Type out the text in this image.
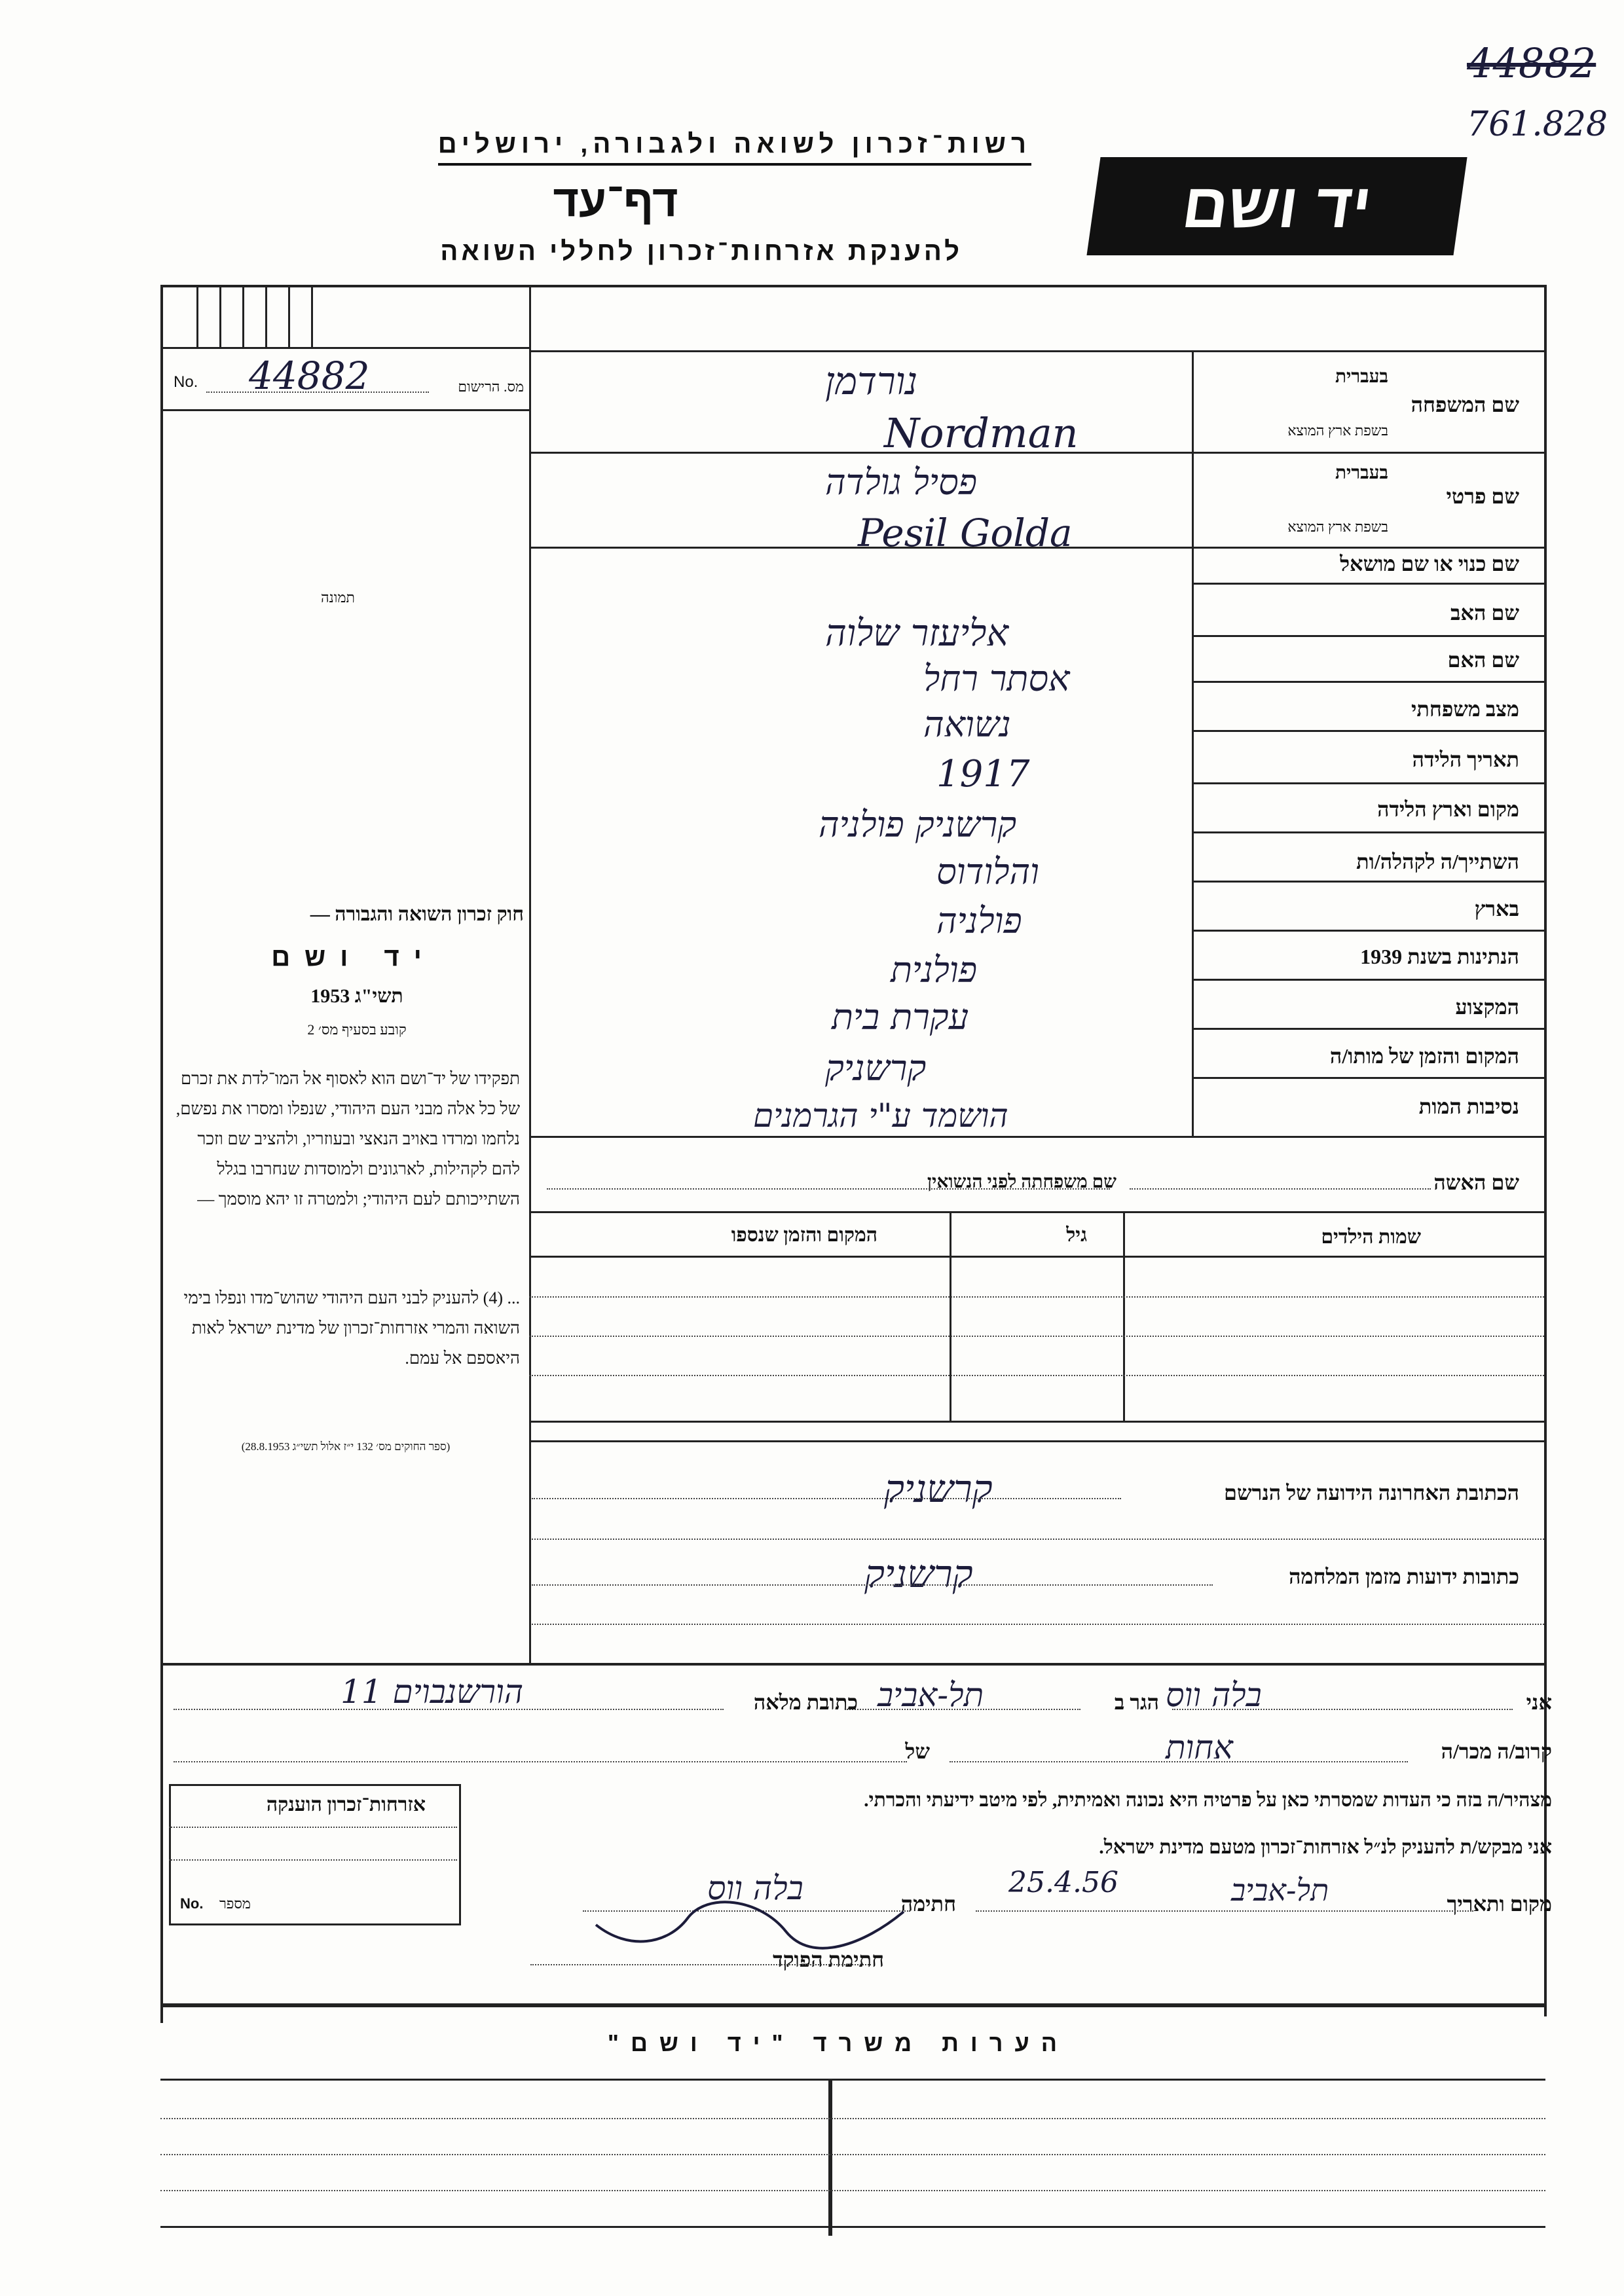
44882
761.828
רשות־זכרון לשואה ולגבורה, ירושלים
דף־עד
להענקת אזרחות־זכרון לחללי השואה
יד ושם
No. 44882	מס. הרישום
תמונה
חוק זכרון השואה והגבורה —
יד ושם
תשי"ג 1953
קובע בסעיף מס׳ 2
תפקידו של יד־ושם הוא לאסוף אל המו־לדת את זכרם של כל אלה מבני העם היהודי, שנפלו ומסרו את נפשם, נלחמו ומרדו באויב הנאצי ובעוזריו, ולהציב שם וזכר להם לקהילות, לארגונים ולמוסדות שנחרבו בגלל השתייכותם לעם היהודי; ולמטרה זו יהא מוסמך —
... (4) להעניק לבני העם היהודי שהוש־מדו ונפלו בימי השואה והמרי אזרחות־זכרון של מדינת ישראל לאות היאספם אל עמם.
(ספר החוקים מס׳ 132 י״ז אלול תשי״ג 28.8.1953)
שם המשפחה
בעברית
בשפת ארץ המוצא
נורדמן
Nordman
שם פרטי
בעברית
בשפת ארץ המוצא
פסיל גולדה
Pesil Golda
שם כנוי או שם מושאל
שם האב
אליעזר שלוה
שם האם
אסתר רחל
מצב משפחתי
נשואה
תאריך הלידה
1917
מקום וארץ הלידה
קרשניק פולניה
השתייך/ה לקהלה/ות
והלודוס
בארץ
פולניה
הנתינות בשנת 1939
פולנית
המקצוע
עקרת בית
המקום והזמן של מותו/ה
קרשניק
נסיבות המות
הושמד ע"י הגרמנים
שם האשה
שם משפחתה לפני הנשואין
שמות הילדים
גיל
המקום והזמן שנספו
הכתובת האחרונה הידועה של הנרשם
קרשניק
כתובות ידועות מזמן המלחמה
קרשניק
אני
בלה ווס
הגר ב
תל-אביב
כתובת מלאה
הורשנבוים 11
קרוב/ה מכר/ה
אחות
של
מצהיר/ה בזה כי העדות שמסרתי כאן על פרטיה היא נכונה ואמיתית, לפי מיטב ידיעתי והכרתי.
אני מבקש/ת להעניק לנ״ל אזרחות־זכרון מטעם מדינת ישראל.
מקום ותאריך
תל-אביב
25.4.56
חתימה
בלה ווס
חתימת הפוקד
אזרחות־זכרון הוענקה
No. מספר
הערות משרד "יד ושם"
